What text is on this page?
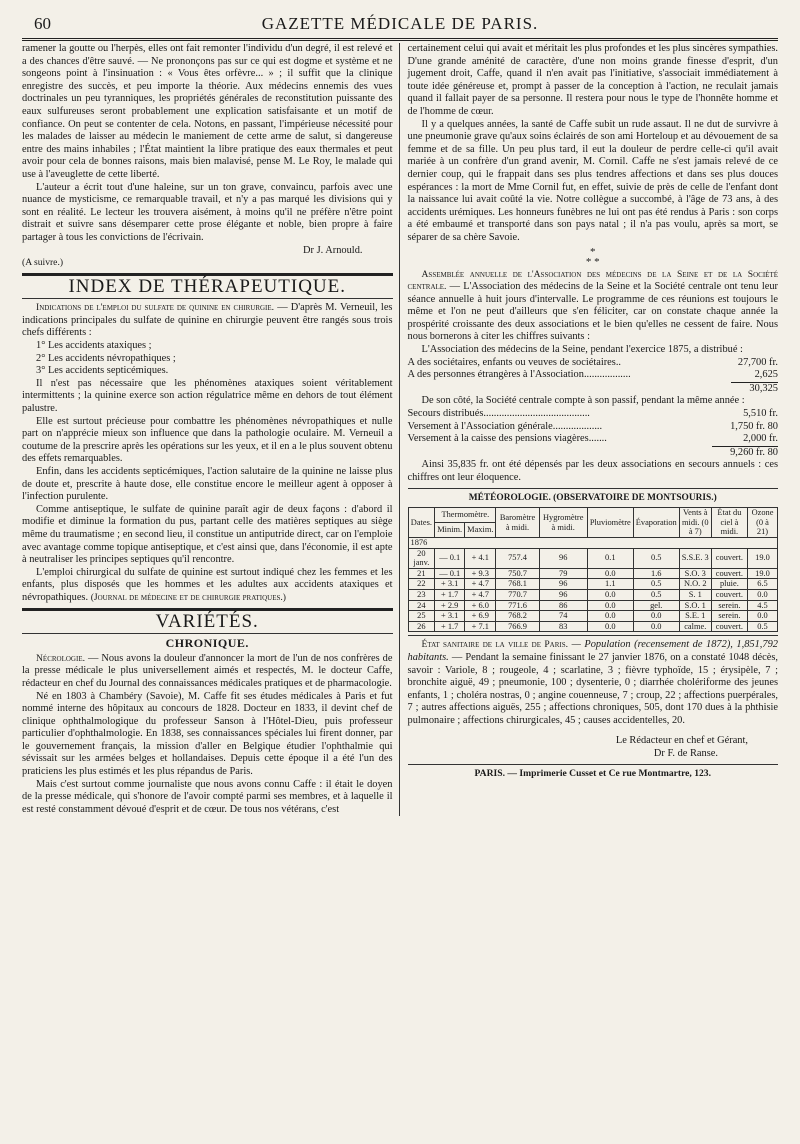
60	GAZETTE MÉDICALE DE PARIS.

ramener la goutte ou l'herpès, elles ont fait remonter l'individu d'un degré, il est relevé et a des chances d'être sauvé. — Ne prononçons pas sur ce qui est dogme et système et ne songeons point à l'insinuation : « Vous êtes orfèvre... » ; il suffit que la clinique enregistre des succès, et peu importe la théorie. Aux médecins ennemis des vues doctrinales un peu tyranniques, les propriétés générales de reconstitution puissante des eaux sulfureuses seront probablement une explication satisfaisante et un motif de confiance. On peut se contenter de cela. Notons, en passant, l'impérieuse nécessité pour les malades de laisser au médecin le maniement de cette arme de salut, si dangereuse entre des mains inhabiles ; l'État maintient la libre pratique des eaux thermales et peut avoir pour cela de bonnes raisons, mais bien malavisé, pense M. Le Roy, le malade qui use à l'aveuglette de cette liberté.

L'auteur a écrit tout d'une haleine, sur un ton grave, convaincu, parfois avec une nuance de mysticisme, ce remarquable travail, et n'y a pas marqué les divisions qui y sont en réalité. Le lecteur les trouvera aisément, à moins qu'il ne préfère n'être point distrait et suivre sans désemparer cette prose élégante et noble, bien propre à faire partager à tous les convictions de l'écrivain.

Dr J. Arnould.
(A suivre.)
INDEX DE THÉRAPEUTIQUE.

Indications de l'emploi du sulfate de quinine en chirurgie. — D'après M. Verneuil, les indications principales du sulfate de quinine en chirurgie peuvent être rangés sous trois chefs différents :

1° Les accidents ataxiques ;

2° Les accidents névropathiques ;

3° Les accidents septicémiques.

Il n'est pas nécessaire que les phénomènes ataxiques soient véritablement intermittents ; la quinine exerce son action régulatrice même en dehors de tout élément palustre.

Elle est surtout précieuse pour combattre les phénomènes névropathiques et nulle part on n'apprécie mieux son influence que dans la pathologie oculaire. M. Verneuil a coutume de la prescrire après les opérations sur les yeux, et il en a le plus souvent obtenu des effets remarquables.

Enfin, dans les accidents septicémiques, l'action salutaire de la quinine ne laisse plus de doute et, prescrite à haute dose, elle constitue encore le meilleur agent à opposer à l'infection purulente.

Comme antiseptique, le sulfate de quinine paraît agir de deux façons : d'abord il modifie et diminue la formation du pus, partant celle des matières septiques au siège même du traumatisme ; en second lieu, il constitue un antiputride direct, car on l'emploie avec avantage comme topique antiseptique, et c'est ainsi que, dans l'économie, il est apte à neutraliser les principes septiques qu'il rencontre.

L'emploi chirurgical du sulfate de quinine est surtout indiqué chez les femmes et les enfants, plus disposés que les hommes et les adultes aux accidents ataxiques et névropathiques. (Journal de médecine et de chirurgie pratiques.)

VARIÉTÉS.
CHRONIQUE.

Nécrologie. — Nous avons la douleur d'annoncer la mort de l'un de nos confrères de la presse médicale le plus universellement aimés et respectés, M. le docteur Caffe, rédacteur en chef du Journal des connaissances médicales pratiques et de pharmacologie.

Né en 1803 à Chambéry (Savoie), M. Caffe fit ses études médicales à Paris et fut nommé interne des hôpitaux au concours de 1828. Docteur en 1833, il devint chef de clinique ophthalmologique du professeur Sanson à l'Hôtel-Dieu, puis professeur particulier d'ophthalmologie. En 1838, ses connaissances spéciales lui firent donner, par le gouvernement français, la mission d'aller en Belgique étudier l'ophthalmie qui sévissait sur les armées belges et hollandaises. Depuis cette époque il a été l'un des praticiens les plus estimés et les plus répandus de Paris.

Mais c'est surtout comme journaliste que nous avons connu Caffe : il était le doyen de la presse médicale, qui s'honore de l'avoir compté parmi ses membres, et à laquelle il est resté constamment dévoué d'esprit et de cœur. De tous nos vétérans, c'est

certainement celui qui avait et méritait les plus profondes et les plus sincères sympathies. D'une grande aménité de caractère, d'une non moins grande finesse d'esprit, d'un jugement droit, Caffe, quand il n'en avait pas l'initiative, s'associait immédiatement à toute idée généreuse et, prompt à passer de la conception à l'action, ne reculait jamais quand il fallait payer de sa personne. Il restera pour nous le type de l'honnête homme et de l'homme de cœur.

Il y a quelques années, la santé de Caffe subit un rude assaut. Il ne dut de survivre à une pneumonie grave qu'aux soins éclairés de son ami Horteloup et au dévouement de sa femme et de sa fille. Un peu plus tard, il eut la douleur de perdre celle-ci qu'il avait mariée à un confrère d'un grand avenir, M. Cornil. Caffe ne s'est jamais relevé de ce dernier coup, qui le frappait dans ses plus tendres affections et dans ses plus douces espérances : la mort de Mme Cornil fut, en effet, suivie de près de celle de l'enfant dont la naissance lui avait coûté la vie. Notre collègue a succombé, à l'âge de 73 ans, à des accidents urémiques. Les honneurs funèbres ne lui ont pas été rendus à Paris : son corps a été embaumé et transporté dans son pays natal ; il n'a pas voulu, après sa mort, se séparer de sa chère Savoie.

*
* *

Assemblée annuelle de l'Association des médecins de la Seine et de la Société centrale. — L'Association des médecins de la Seine et la Société centrale ont tenu leur séance annuelle à huit jours d'intervalle. Le programme de ces réunions est toujours le même et l'on ne peut d'ailleurs que s'en féliciter, car on constate chaque année la prospérité croissante des deux associations et le bien qu'elles ne cessent de faire. Nous nous bornerons à citer les chiffres suivants :

L'Association des médecins de la Seine, pendant l'exercice 1875, a distribué :

A des sociétaires, enfants ou veuves de sociétaires..	27,700 fr.
A des personnes étrangères à l'Association..................	2,625
30,325

De son côté, la Société centrale compte à son passif, pendant la même année :

Secours distribués.........................................	5,510 fr.
Versement à l'Association générale...................	1,750 fr. 80
Versement à la caisse des pensions viagères.......	2,000 fr.
9,260 fr. 80

Ainsi 35,835 fr. ont été dépensés par les deux associations en secours annuels : ces chiffres ont leur éloquence.

MÉTÉOROLOGIE. (OBSERVATOIRE DE MONTSOURIS.)
Dates.	Thermomètre.		Baromètre à midi.	Hygromètre à midi.	Pluviomètre	Évaporation	Vents à midi. (0 à 7)	État du ciel à midi.	Ozone (0 à 21)
	Minim.	Maxim.							
1876									
20 janv.	— 0.1	+ 4.1	757.4	96	0.1	0.5	S.S.E. 3	couvert.	19.0
21	— 0.1	+ 9.3	750.7	79	0.0	1.6	S.O. 3	couvert.	19.0
22	+ 3.1	+ 4.7	768.1	96	1.1	0.5	N.O. 2	pluie.	6.5
23	+ 1.7	+ 4.7	770.7	96	0.0	0.5	S. 1	couvert.	0.0
24	+ 2.9	+ 6.0	771.6	86	0.0	gel.	S.O. 1	serein.	4.5
25	+ 3.1	+ 6.9	768.2	74	0.0	0.0	S.E. 1	serein.	0.0
26	+ 1.7	+ 7.1	766.9	83	0.0	0.0	calme.	couvert.	0.5

État sanitaire de la ville de Paris. — Population (recensement de 1872), 1,851,792 habitants. — Pendant la semaine finissant le 27 janvier 1876, on a constaté 1048 décès, savoir : Variole, 8 ; rougeole, 4 ; scarlatine, 3 ; fièvre typhoïde, 15 ; érysipèle, 7 ; bronchite aiguë, 49 ; pneumonie, 100 ; dysenterie, 0 ; diarrhée cholériforme des jeunes enfants, 1 ; choléra nostras, 0 ; angine couenneuse, 7 ; croup, 22 ; affections puerpérales, 7 ; autres affections aiguës, 255 ; affections chroniques, 505, dont 170 dues à la phthisie pulmonaire ; affections chirurgicales, 45 ; causes accidentelles, 20.

Le Rédacteur en chef et Gérant,
Dr F. de Ranse.
PARIS. — Imprimerie Cusset et Ce rue Montmartre, 123.
